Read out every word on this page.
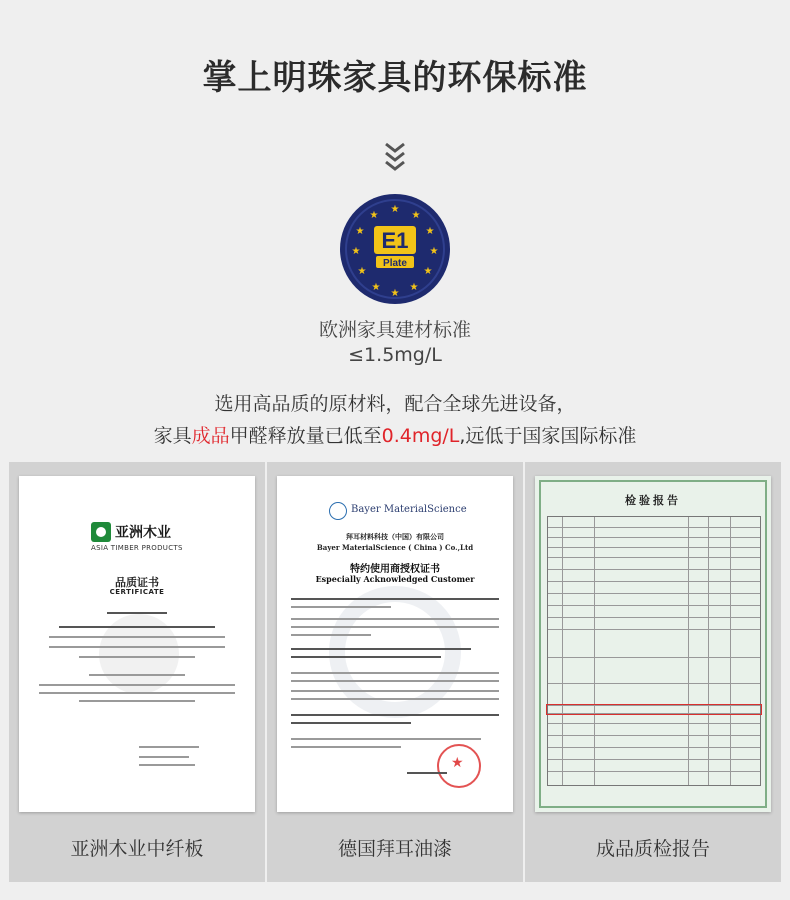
掌上明珠家具的环保标准
★
★
★
★
★
★
★
★
★
★
★
★
E1
Plate
欧洲家具建材标准
≤1.5mg/L
选用高品质的原材料，配合全球先进设备，
家具成品甲醛释放量已低至0.4mg/L,远低于国家国际标准
亚洲木业
ASIA TIMBER PRODUCTS
品质证书
CERTIFICATE
亚洲木业中纤板
Bayer MaterialScience
拜耳材料科技（中国）有限公司
Bayer MaterialScience ( China ) Co.,Ltd
特约使用商授权证书
Especially Acknowledged Customer
★
德国拜耳油漆
检验报告
成品质检报告
